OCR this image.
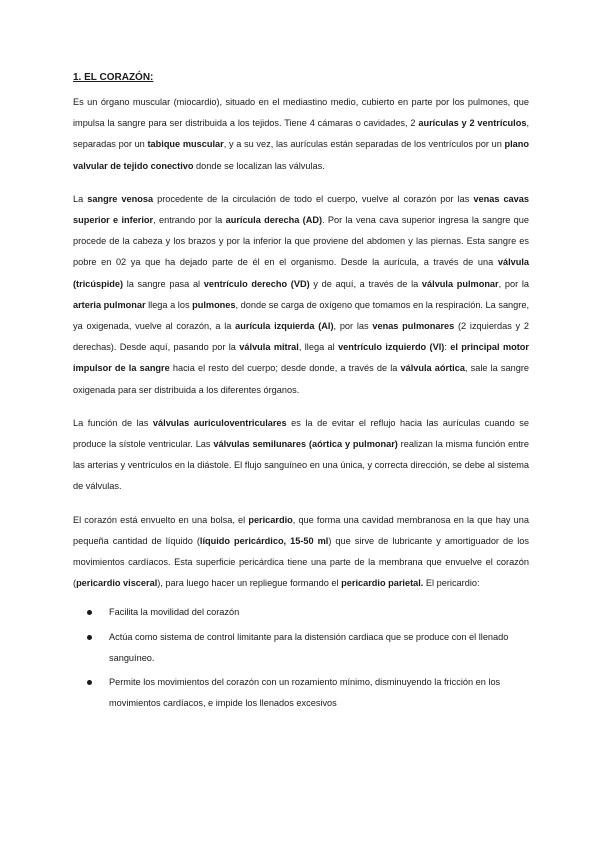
1. EL CORAZÓN:

Es un órgano muscular (miocardio), situado en el mediastino medio, cubierto en parte por los pulmones, que impulsa la sangre para ser distribuida a los tejidos. Tiene 4 cámaras o cavidades, 2 aurículas y 2 ventrículos, separadas por un tabique muscular, y a su vez, las aurículas están separadas de los ventrículos por un plano valvular de tejido conectivo donde se localizan las válvulas.

La sangre venosa procedente de la circulación de todo el cuerpo, vuelve al corazón por las venas cavas superior e inferior, entrando por la aurícula derecha (AD). Por la vena cava superior ingresa la sangre que procede de la cabeza y los brazos y por la inferior la que proviene del abdomen y las piernas. Esta sangre es pobre en 02 ya que ha dejado parte de él en el organismo. Desde la aurícula, a través de una válvula (tricúspide) la sangre pasa al ventrículo derecho (VD) y de aquí, a través de la válvula pulmonar, por la arteria pulmonar llega a los pulmones, donde se carga de oxígeno que tomamos en la respiración. La sangre, ya oxigenada, vuelve al corazón, a la aurícula izquierda (AI), por las venas pulmonares (2 izquierdas y 2 derechas). Desde aquí, pasando por la válvula mitral, llega al ventrículo izquierdo (VI): el principal motor impulsor de la sangre hacia el resto del cuerpo; desde donde, a través de la válvula aórtica, sale la sangre oxigenada para ser distribuida a los diferentes órganos.

La función de las válvulas auriculoventriculares es la de evitar el reflujo hacia las aurículas cuando se produce la sístole ventricular. Las válvulas semilunares (aórtica y pulmonar) realizan la misma función entre las arterias y ventrículos en la diástole. El flujo sanguíneo en una única, y correcta dirección, se debe al sistema de válvulas.

El corazón está envuelto en una bolsa, el pericardio, que forma una cavidad membranosa en la que hay una pequeña cantidad de líquido (líquido pericárdico, 15-50 ml) que sirve de lubricante y amortiguador de los movimientos cardíacos. Esta superficie pericárdica tiene una parte de la membrana que envuelve el corazón (pericardio visceral), para luego hacer un repliegue formando el pericardio parietal. El pericardio:

Facilita la movilidad del corazón
Actúa como sistema de control limitante para la distensión cardiaca que se produce con el llenado sanguíneo.
Permite los movimientos del corazón con un rozamiento mínimo, disminuyendo la fricción en los movimientos cardíacos, e impide los llenados excesivos
